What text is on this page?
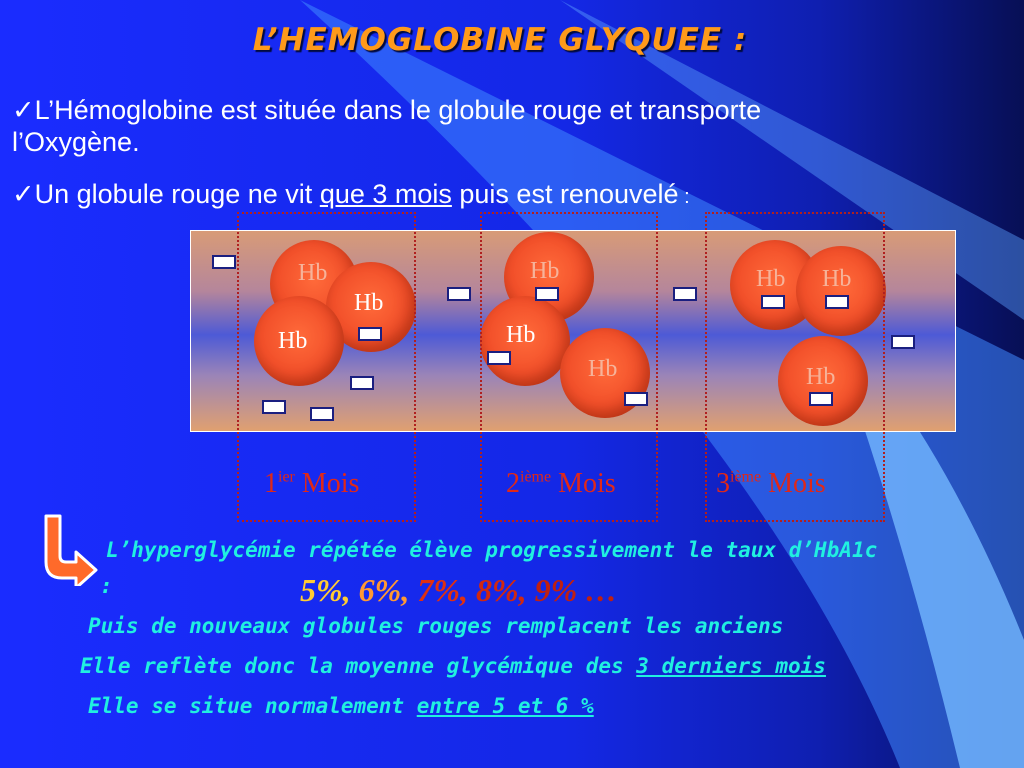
L’HEMOGLOBINE GLYQUEE :
✓L’Hémoglobine est située dans le globule rouge et transporte
l’Oxygène.
✓Un globule rouge ne vit que 3 mois puis est renouvelé :
Hb
Hb
Hb
Hb
Hb
Hb
Hb Hb
Hb
$1^{ier}$ Mois	2ième Mois	3ième Mois
L’hyperglycémie répétée élève progressivement le taux d’HbA1c
:	5%, 6%, 7%, 8%, 9% …
Puis de nouveaux globules rouges remplacent les anciens
Elle reflète donc la moyenne glycémique des 3 derniers mois
Elle se situe normalement entre 5 et 6 %
